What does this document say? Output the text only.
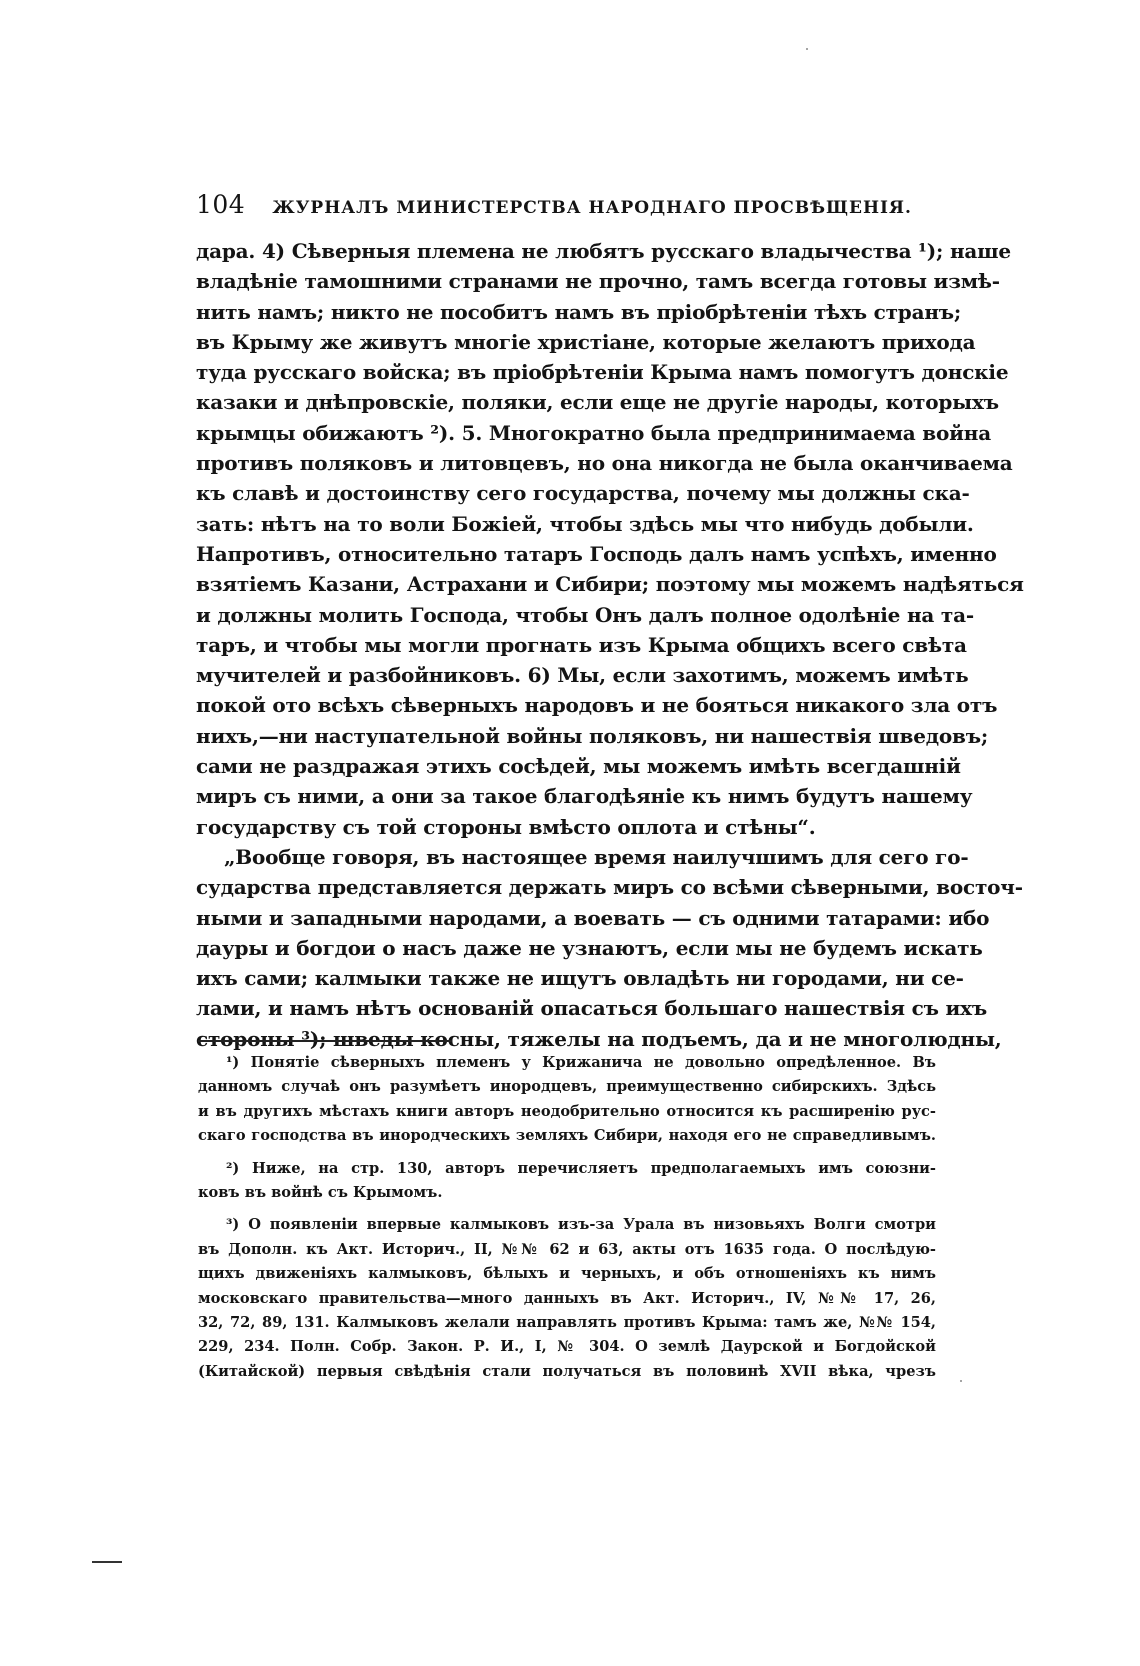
104 ЖУРНАЛЪ МИНИСТЕРСТВА НАРОДНАГО ПРОСВѢЩЕНІЯ.
дара. 4) Сѣверныя племена не любятъ русскаго владычества ¹); наше
владѣніе тамошними странами не прочно, тамъ всегда готовы измѣ-
нить намъ; никто не пособитъ намъ въ пріобрѣтеніи тѣхъ странъ;
въ Крыму же живутъ многіе христіане, которые желаютъ прихода
туда русскаго войска; въ пріобрѣтеніи Крыма намъ помогутъ донскіе
казаки и днѣпровскіе, поляки, если еще не другіе народы, которыхъ
крымцы обижаютъ ²). 5. Многократно была предпринимаема война
противъ поляковъ и литовцевъ, но она никогда не была оканчиваема
къ славѣ и достоинству сего государства, почему мы должны ска-
зать: нѣтъ на то воли Божіей, чтобы здѣсь мы что нибудь добыли.
Напротивъ, относительно татаръ Господь далъ намъ успѣхъ, именно
взятіемъ Казани, Астрахани и Сибири; поэтому мы можемъ надѣяться
и должны молить Господа, чтобы Онъ далъ полное одолѣніе на та-
таръ, и чтобы мы могли прогнать изъ Крыма общихъ всего свѣта
мучителей и разбойниковъ. 6) Мы, если захотимъ, можемъ имѣть
покой ото всѣхъ сѣверныхъ народовъ и не бояться никакого зла отъ
нихъ,—ни наступательной войны поляковъ, ни нашествія шведовъ;
сами не раздражая этихъ сосѣдей, мы можемъ имѣть всегдашній
миръ съ ними, а они за такое благодѣяніе къ нимъ будутъ нашему
государству съ той стороны вмѣсто оплота и стѣны“.
„Вообще говоря, въ настоящее время наилучшимъ для сего го-
сударства представляется держать миръ со всѣми сѣверными, восточ-
ными и западными народами, а воевать — съ одними татарами: ибо
дауры и богдои о насъ даже не узнаютъ, если мы не будемъ искать
ихъ сами; калмыки также не ищутъ овладѣть ни городами, ни се-
лами, и намъ нѣтъ основаній опасаться большаго нашествія съ ихъ
стороны ³); шведы косны, тяжелы на подъемъ, да и не многолюдны,
¹) Понятіе сѣверныхъ племенъ у Крижанича не довольно опредѣленное. Въ
данномъ случаѣ онъ разумѣетъ инородцевъ, преимущественно сибирскихъ. Здѣсь
и въ другихъ мѣстахъ книги авторъ неодобрительно относится къ расширенію рус-
скаго господства въ инородческихъ земляхъ Сибири, находя его не справедливымъ.
²) Ниже, на стр. 130, авторъ перечисляетъ предполагаемыхъ имъ союзни-
ковъ въ войнѣ съ Крымомъ.
³) О появленіи впервые калмыковъ изъ-за Урала въ низовьяхъ Волги смотри
въ Дополн. къ Акт. Историч., II, №№ 62 и 63, акты отъ 1635 года. О послѣдую-
щихъ движеніяхъ калмыковъ, бѣлыхъ и черныхъ, и объ отношеніяхъ къ нимъ
московскаго правительства—много данныхъ въ Акт. Историч., IV, №№ 17, 26,
32, 72, 89, 131. Калмыковъ желали направлять противъ Крыма: тамъ же, №№ 154,
229, 234. Полн. Собр. Закон. Р. И., I, № 304. О землѣ Даурской и Богдойской
(Китайской) первыя свѣдѣнія стали получаться въ половинѣ XVII вѣка, чрезъ
